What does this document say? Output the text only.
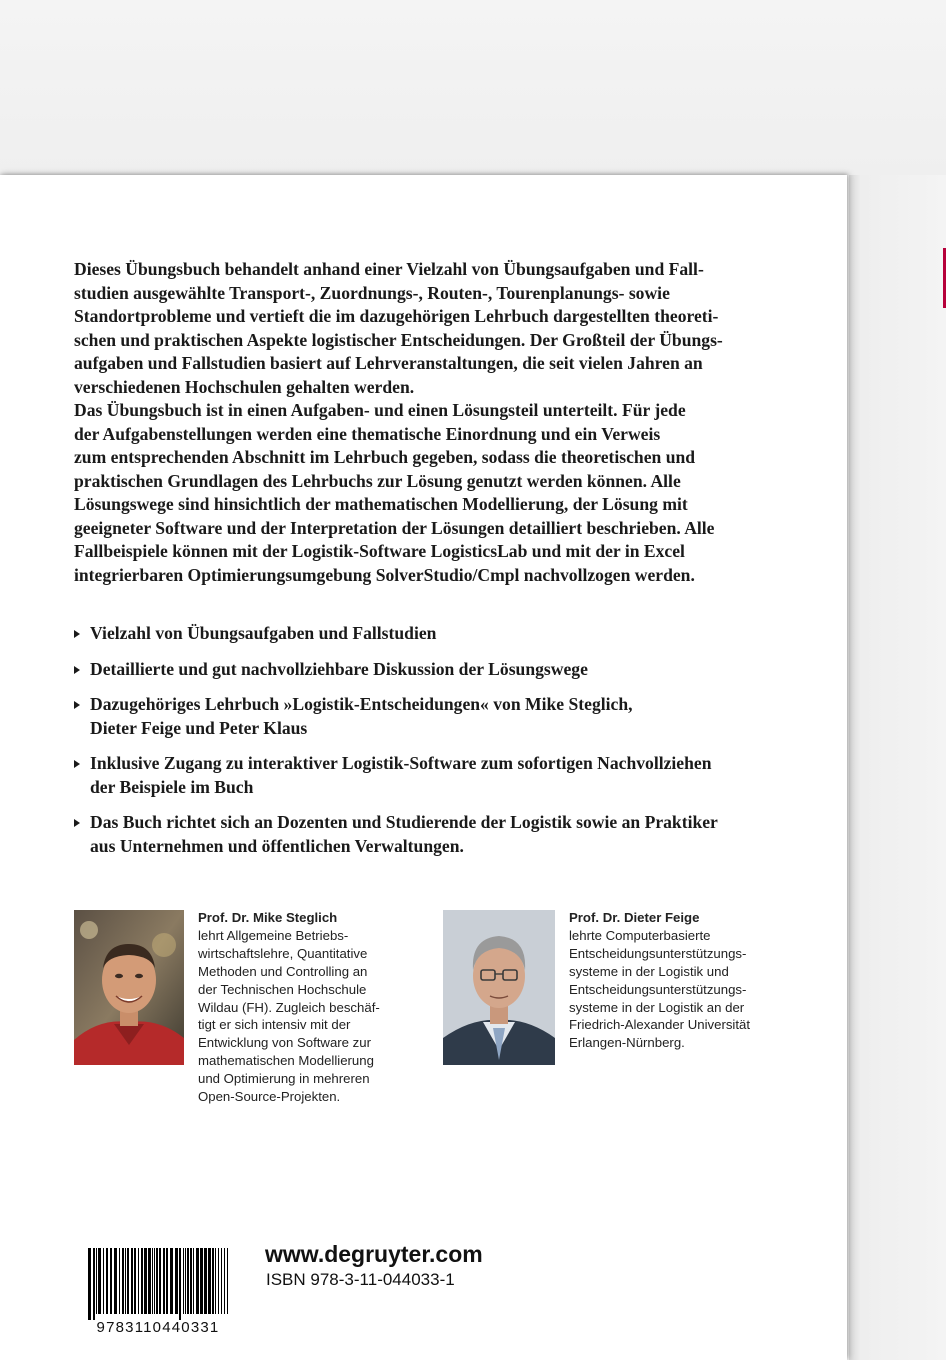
Dieses Übungsbuch behandelt anhand einer Vielzahl von Übungsaufgaben und Fall-
studien ausgewählte Transport-, Zuordnungs-, Routen-, Tourenplanungs- sowie
Standortprobleme und vertieft die im dazugehörigen Lehrbuch dargestellten theoreti-
schen und praktischen Aspekte logistischer Entscheidungen. Der Großteil der Übungs-
aufgaben und Fallstudien basiert auf Lehrveranstaltungen, die seit vielen Jahren an
verschiedenen Hochschulen gehalten werden.
Das Übungsbuch ist in einen Aufgaben- und einen Lösungsteil unterteilt. Für jede
der Aufgabenstellungen werden eine thematische Einordnung und ein Verweis
zum entsprechenden Abschnitt im Lehrbuch gegeben, sodass die theoretischen und
praktischen Grundlagen des Lehrbuchs zur Lösung genutzt werden können. Alle
Lösungswege sind hinsichtlich der mathematischen Modellierung, der Lösung mit
geeigneter Software und der Interpretation der Lösungen detailliert beschrieben. Alle
Fallbeispiele können mit der Logistik-Software LogisticsLab und mit der in Excel
integrierbaren Optimierungsumgebung SolverStudio/Cmpl nachvollzogen werden.
Vielzahl von Übungsaufgaben und Fallstudien
Detaillierte und gut nachvollziehbare Diskussion der Lösungswege
Dazugehöriges Lehrbuch »Logistik-Entscheidungen« von Mike Steglich,
Dieter Feige und Peter Klaus
Inklusive Zugang zu interaktiver Logistik-Software zum sofortigen Nachvollziehen
der Beispiele im Buch
Das Buch richtet sich an Dozenten und Studierende der Logistik sowie an Praktiker
aus Unternehmen und öffentlichen Verwaltungen.
Prof. Dr. Mike Steglich
lehrt Allgemeine Betriebs-
wirtschaftslehre, Quantitative
Methoden und Controlling an
der Technischen Hochschule
Wildau (FH). Zugleich beschäf-
tigt er sich intensiv mit der
Entwicklung von Software zur
mathematischen Modellierung
und Optimierung in mehreren
Open-Source-Projekten.
Prof. Dr. Dieter Feige
lehrte Computerbasierte
Entscheidungsunterstützungs-
systeme in der Logistik und
Entscheidungsunterstützungs-
systeme in der Logistik an der
Friedrich-Alexander Universität
Erlangen-Nürnberg.
9783110440331
www.degruyter.com
ISBN 978-3-11-044033-1
